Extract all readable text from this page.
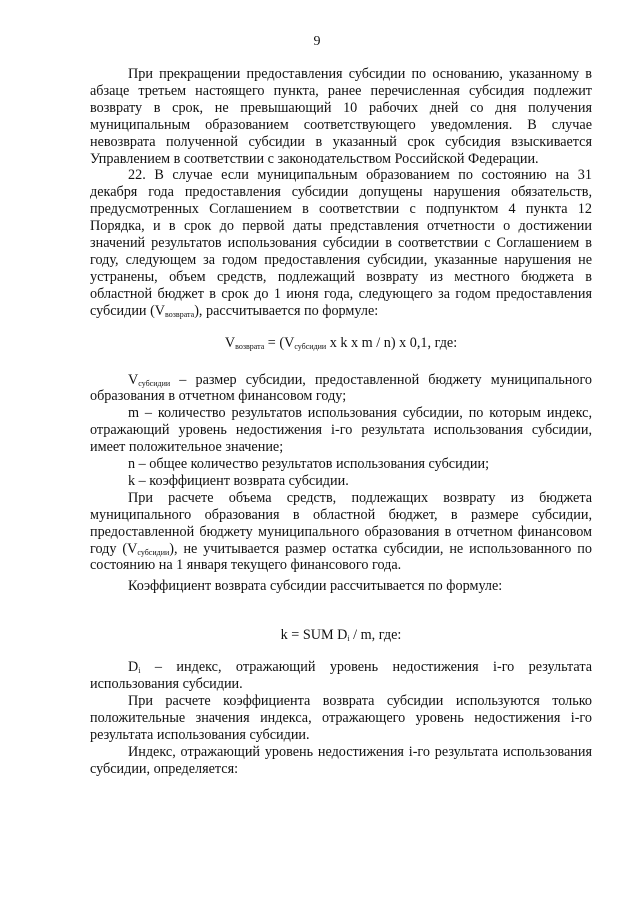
9

При прекращении предоставления субсидии по основанию, указанному в абзаце третьем настоящего пункта, ранее перечисленная субсидия подлежит возврату в срок, не превышающий 10 рабочих дней со дня получения муниципальным образованием соответствующего уведомления. В случае невозврата полученной субсидии в указанный срок субсидия взыскивается Управлением в соответствии с законодательством Российской Федерации.

22. В случае если муниципальным образованием по состоянию на 31 декабря года предоставления субсидии допущены нарушения обязательств, предусмотренных Соглашением в соответствии с подпунктом 4 пункта 12 Порядка, и в срок до первой даты представления отчетности о достижении значений результатов использования субсидии в соответствии с Соглашением в году, следующем за годом предоставления субсидии, указанные нарушения не устранены, объем средств, подлежащий возврату из местного бюджета в областной бюджет в срок до 1 июня года, следующего за годом предоставления субсидии $(V_{возврата})$, рассчитывается по формуле:

$V_{возврата} = (V_{субсидии}$ x k x m / n) x 0,1, где:

$V_{субсидии}$ – размер субсидии, предоставленной бюджету муниципального образования в отчетном финансовом году;

m – количество результатов использования субсидии, по которым индекс, отражающий уровень недостижения i-го результата использования субсидии, имеет положительное значение;

n – общее количество результатов использования субсидии;

k – коэффициент возврата субсидии.

При расчете объема средств, подлежащих возврату из бюджета муниципального образования в областной бюджет, в размере субсидии, предоставленной бюджету муниципального образования в отчетном финансовом году $(V_{субсидии})$, не учитывается размер остатка субсидии, не использованного по состоянию на 1 января текущего финансового года.

Коэффициент возврата субсидии рассчитывается по формуле:

k = SUM $D_i$ / m, где:

$D_i$ – индекс, отражающий уровень недостижения i-го результата использования субсидии.

При расчете коэффициента возврата субсидии используются только положительные значения индекса, отражающего уровень недостижения i-го результата использования субсидии.

Индекс, отражающий уровень недостижения i-го результата использования субсидии, определяется:
